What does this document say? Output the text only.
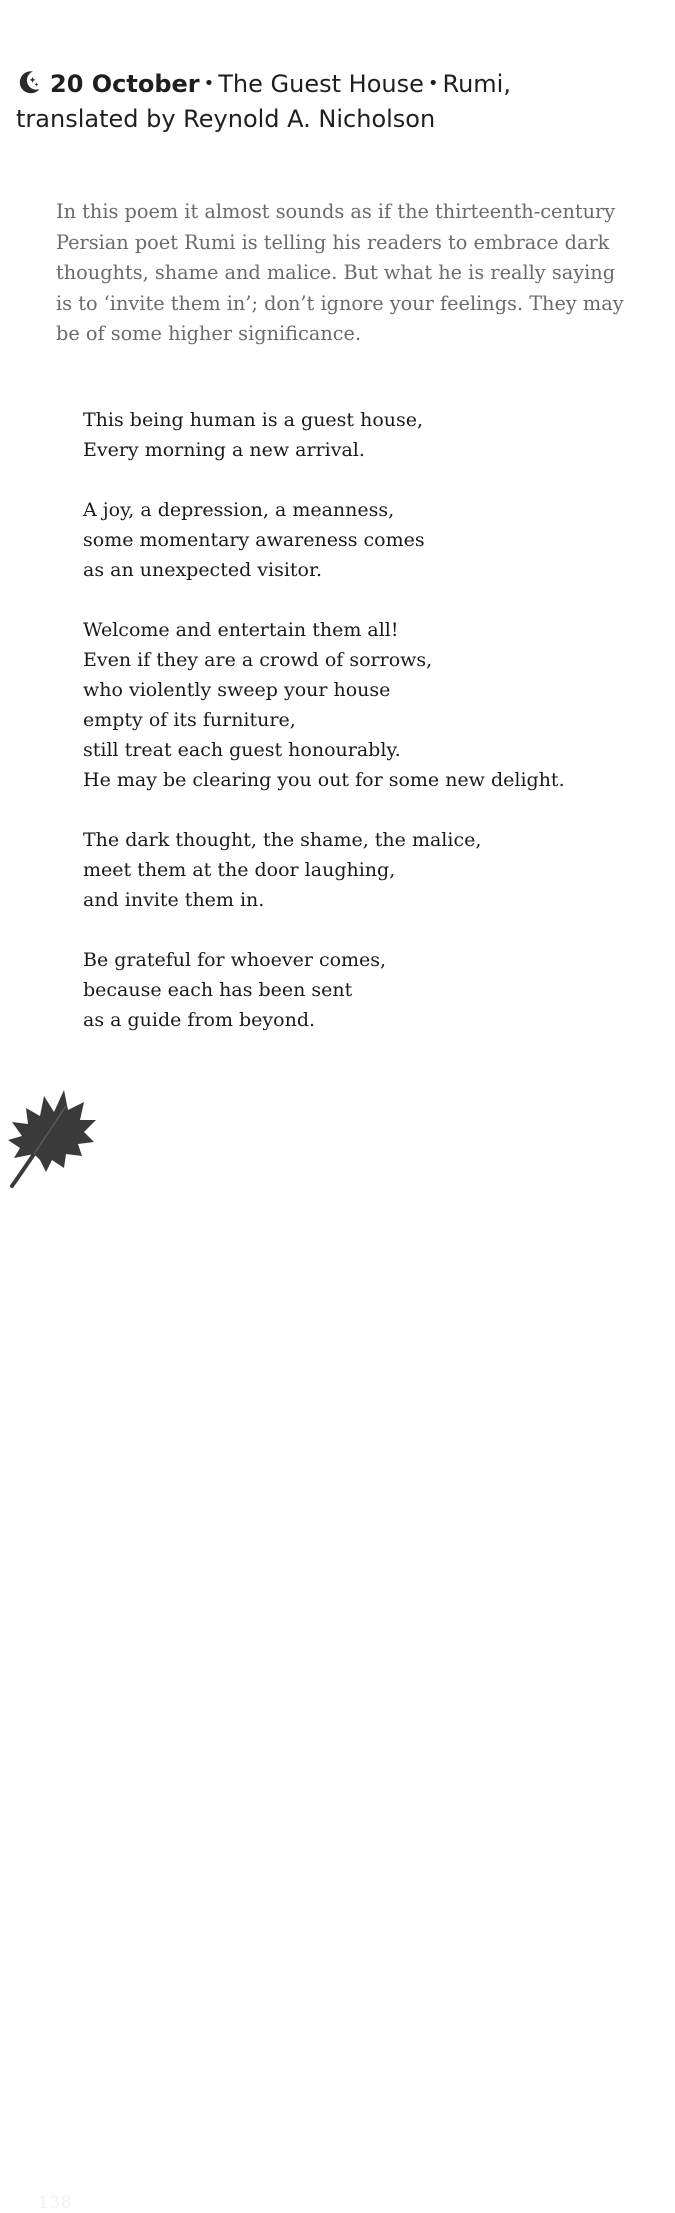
20 October • The Guest House • Rumi,
translated by Reynold A. Nicholson

In this poem it almost sounds as if the thirteenth-century Persian poet Rumi is telling his readers to embrace dark thoughts, shame and malice. But what he is really saying is to ‘invite them in’; don’t ignore your feelings. They may be of some higher significance.

This being human is a guest house,
Every morning a new arrival.
A joy, a depression, a meanness,
some momentary awareness comes
as an unexpected visitor.
Welcome and entertain them all!
Even if they are a crowd of sorrows,
who violently sweep your house
empty of its furniture,
still treat each guest honourably.
He may be clearing you out for some new delight.
The dark thought, the shame, the malice,
meet them at the door laughing,
and invite them in.
Be grateful for whoever comes,
because each has been sent
as a guide from beyond.
138
